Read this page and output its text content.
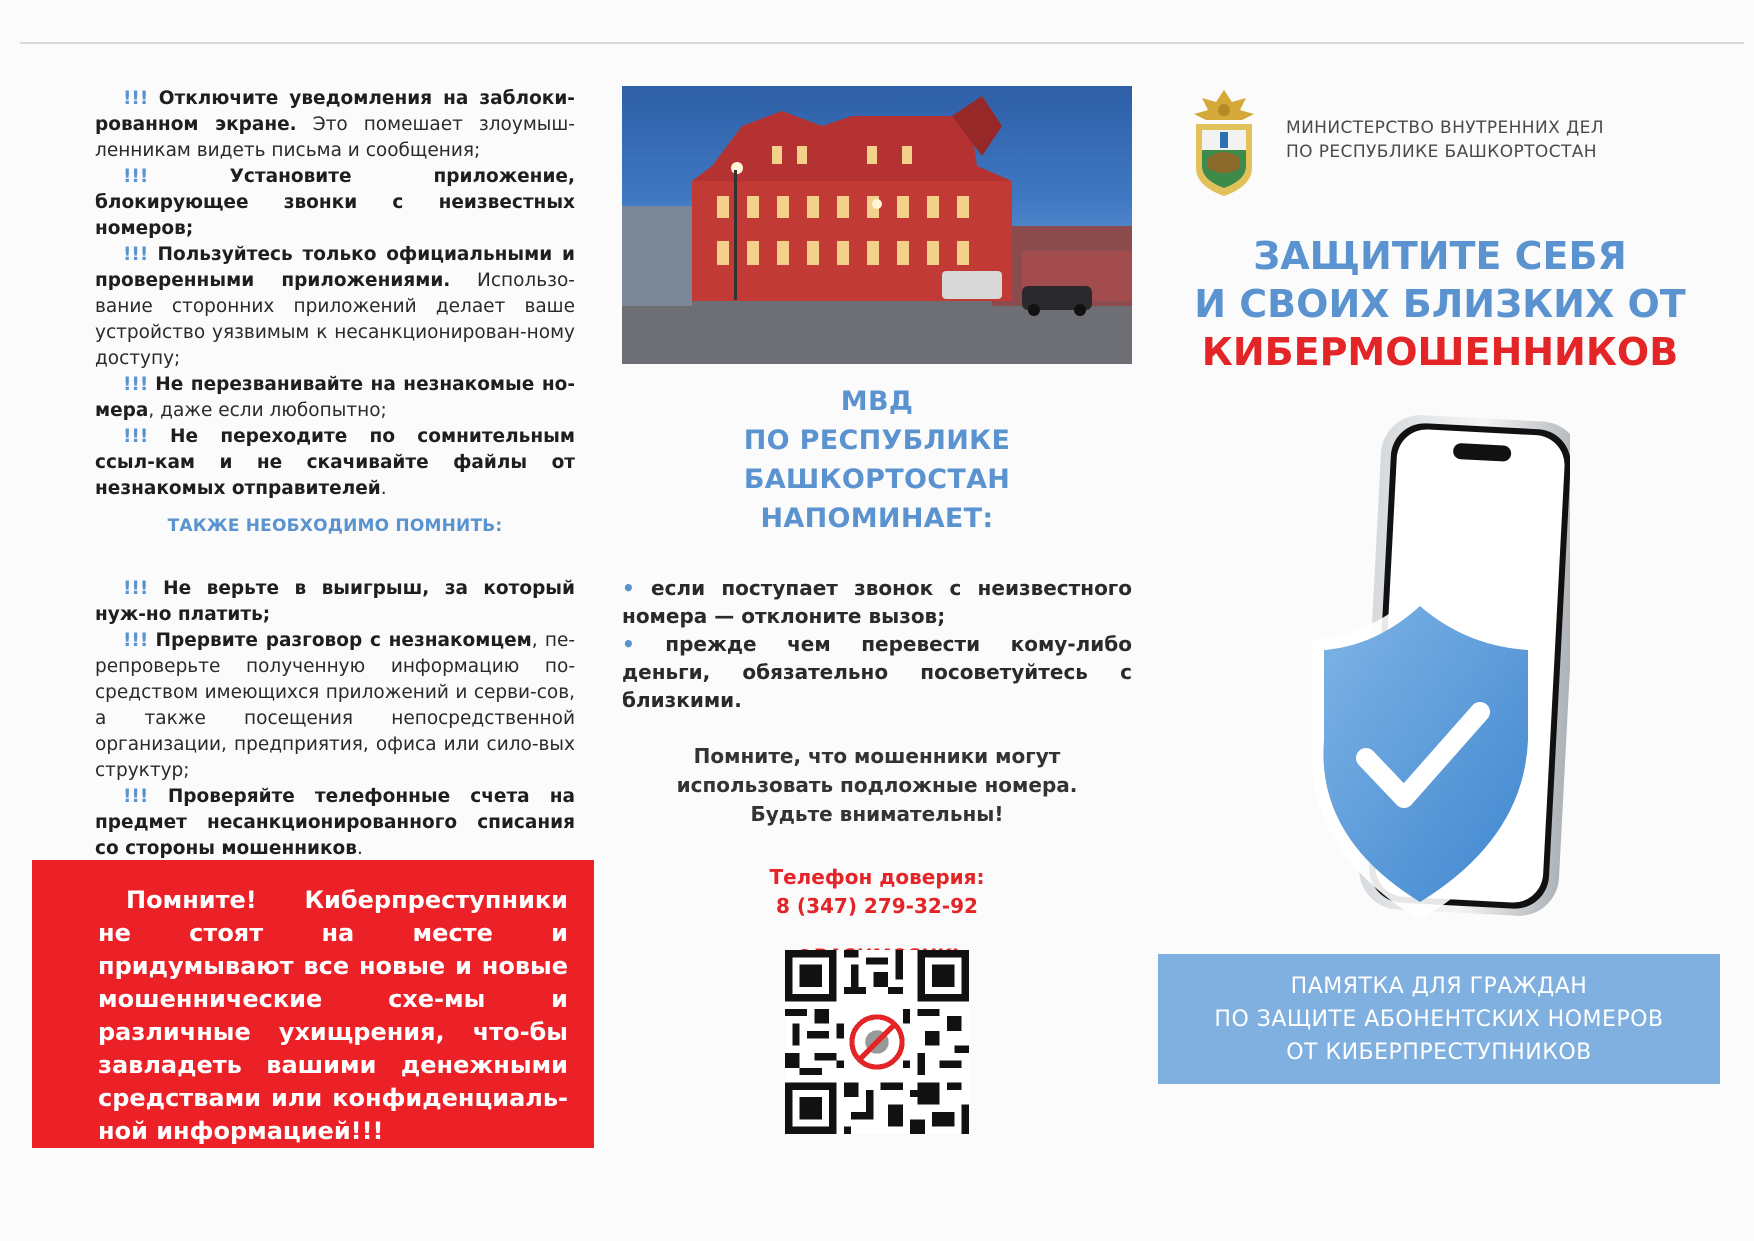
!!! Отключите уведомления на заблоки-рованном экране. Это помешает злоумыш-ленникам видеть письма и сообщения;

!!!	Установите приложение, блокирующее звонки с неизвестных номеров;

!!! Пользуйтесь только официальными и проверенными приложениями. Использо-вание сторонних приложений делает ваше устройство уязвимым к несанкционирован-ному доступу;

!!! Не перезванивайте на незнакомые но-мера, даже если любопытно;

!!! Не переходите по сомнительным ссыл-кам и не скачивайте файлы от незнакомых отправителей.

ТАКЖЕ НЕОБХОДИМО ПОМНИТЬ:

!!! Не верьте в выигрыш, за который нуж-но платить;

!!! Прервите разговор с незнакомцем, пе-репроверьте полученную информацию по-средством имеющихся приложений и серви-сов, а также посещения непосредственной организации, предприятия, офиса или сило-вых структур;

!!! Проверяйте телефонные счета на предмет несанкционированного списания со стороны мошенников.

Помните! Киберпреступники не стоят на месте и придумывают все новые и новые мошеннические схе-мы и различные ухищрения, что-бы завладеть вашими денежными средствами или конфиденциаль-ной информацией!!!

МВД
ПО РЕСПУБЛИКЕ БАШКОРТОСТАН
НАПОМИНАЕТ:

• если поступает звонок с неизвестного номера — отклоните вызов;

• прежде чем перевести кому-либо деньги, обязательно посоветуйтесь с близкими.

Помните, что мошенники могут
использовать подложные номера.
Будьте внимательны!
Телефон доверия:
8 (347) 279-32-92
МИНИСТЕРСТВО ВНУТРЕННИХ ДЕЛ
ПО РЕСПУБЛИКЕ БАШКОРТОСТАН
ЗАЩИТИТЕ СЕБЯ
И СВОИХ БЛИЗКИХ ОТ
КИБЕРМОШЕННИКОВ
ПАМЯТКА ДЛЯ ГРАЖДАН
ПО ЗАЩИТЕ АБОНЕНТСКИХ НОМЕРОВ
ОТ КИБЕРПРЕСТУПНИКОВ
